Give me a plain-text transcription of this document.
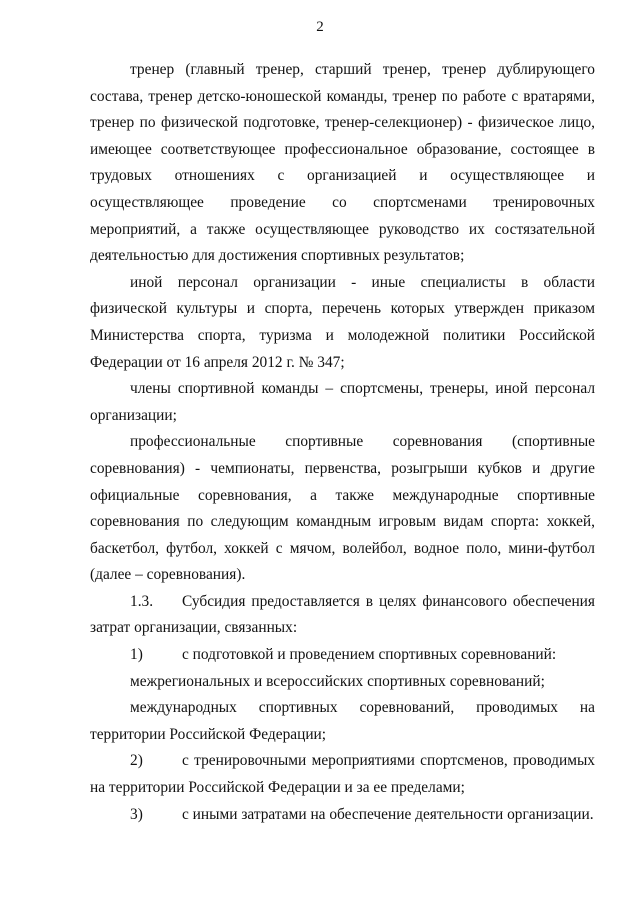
2

тренер (главный тренер, старший тренер, тренер дублирующего состава, тренер детско-юношеской команды, тренер по работе с вратарями, тренер по физической подготовке, тренер-селекционер) - физическое лицо, имеющее соответствующее профессиональное образование, состоящее в трудовых отношениях с организацией и осуществляющее и осуществляющее проведение со спортсменами тренировочных мероприятий, а также осуществляющее руководство их состязательной деятельностью для достижения спортивных результатов;

иной персонал организации - иные специалисты в области физической культуры и спорта, перечень которых утвержден приказом Министерства спорта, туризма и молодежной политики Российской Федерации от 16 апреля 2012 г. № 347;

члены спортивной команды – спортсмены, тренеры, иной персонал организации;

профессиональные спортивные соревнования (спортивные соревнования) - чемпионаты, первенства, розыгрыши кубков и другие официальные соревнования, а также международные спортивные соревнования по следующим командным игровым видам спорта: хоккей, баскетбол, футбол, хоккей с мячом, волейбол, водное поло, мини-футбол (далее – соревнования).

1.3. Субсидия предоставляется в целях финансового обеспечения затрат организации, связанных:

1)	с подготовкой и проведением спортивных соревнований:

межрегиональных и всероссийских спортивных соревнований;

международных спортивных соревнований, проводимых на территории Российской Федерации;

2)	с тренировочными мероприятиями спортсменов, проводимых на территории Российской Федерации и за ее пределами;

3)	с иными затратами на обеспечение деятельности организации.
